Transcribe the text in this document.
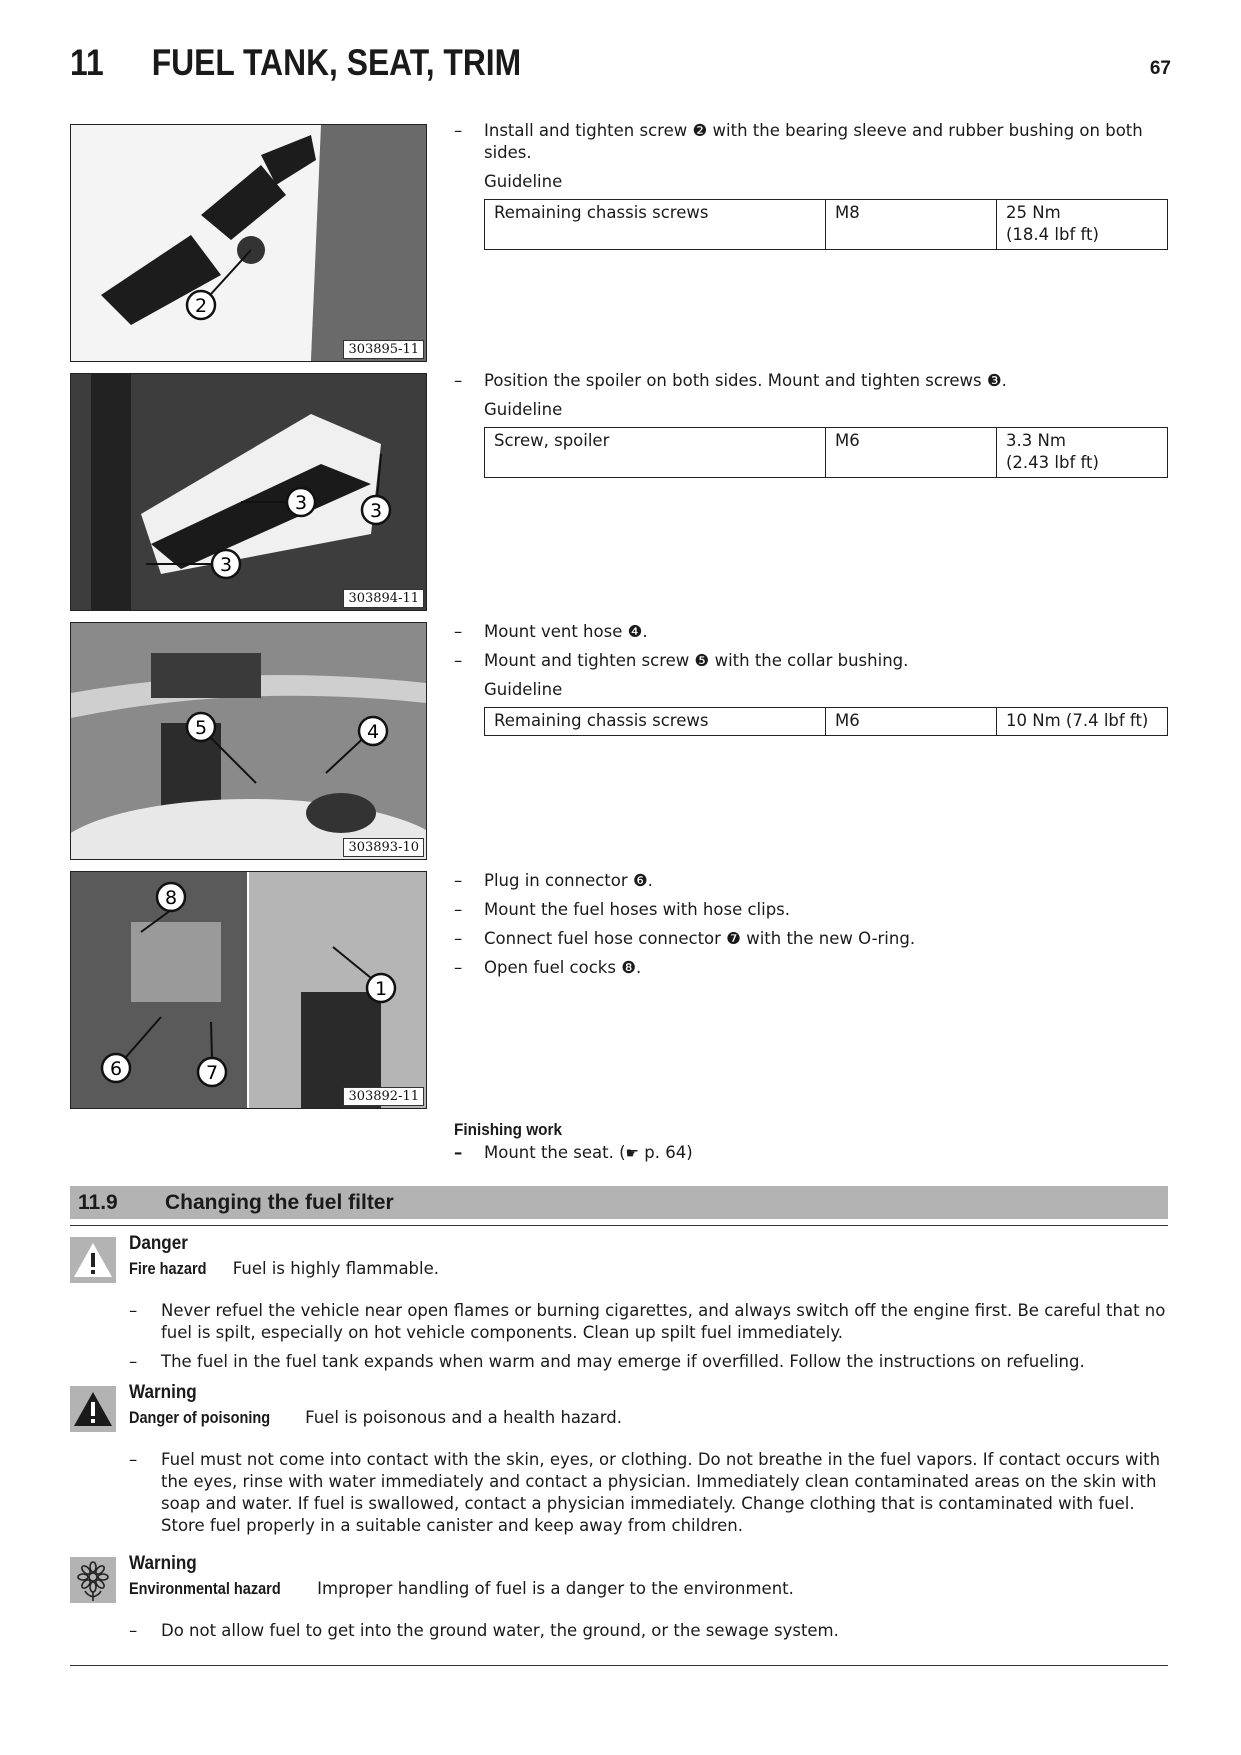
11 FUEL TANK, SEAT, TRIM	67
2
303895-11
3	3
3
303894-11
5	4
303893-10
8
6	7
1
303892-11
– Install and tighten screw ❷ with the bearing sleeve and rubber bushing on both sides.
Guideline
Remaining chassis screws	M8	25 Nm
(18.4 lbf ft)
– Position the spoiler on both sides. Mount and tighten screws ❸.
Guideline
Screw, spoiler	M6	3.3 Nm
(2.43 lbf ft)
– Mount vent hose ❹.
– Mount and tighten screw ❺ with the collar bushing.
Guideline
Remaining chassis screws	M6	10 Nm (7.4 lbf ft)
– Plug in connector ❻.
– Mount the fuel hoses with hose clips.
– Connect fuel hose connector ❼ with the new O-ring.
– Open fuel cocks ❽.
Finishing work
– Mount the seat. (☛ p. 64)
11.9 Changing the fuel filter
Danger
Fire hazard Fuel is highly flammable.
– Never refuel the vehicle near open flames or burning cigarettes, and always switch off the engine first. Be careful that no fuel is spilt, especially on hot vehicle components. Clean up spilt fuel immediately.
– The fuel in the fuel tank expands when warm and may emerge if overfilled. Follow the instructions on refueling.
Warning
Danger of poisoning Fuel is poisonous and a health hazard.
– Fuel must not come into contact with the skin, eyes, or clothing. Do not breathe in the fuel vapors. If contact occurs with the eyes, rinse with water immediately and contact a physician. Immediately clean contaminated areas on the skin with soap and water. If fuel is swallowed, contact a physician immediately. Change clothing that is contaminated with fuel. Store fuel properly in a suitable canister and keep away from children.
Warning
Environmental hazard Improper handling of fuel is a danger to the environment.
– Do not allow fuel to get into the ground water, the ground, or the sewage system.
